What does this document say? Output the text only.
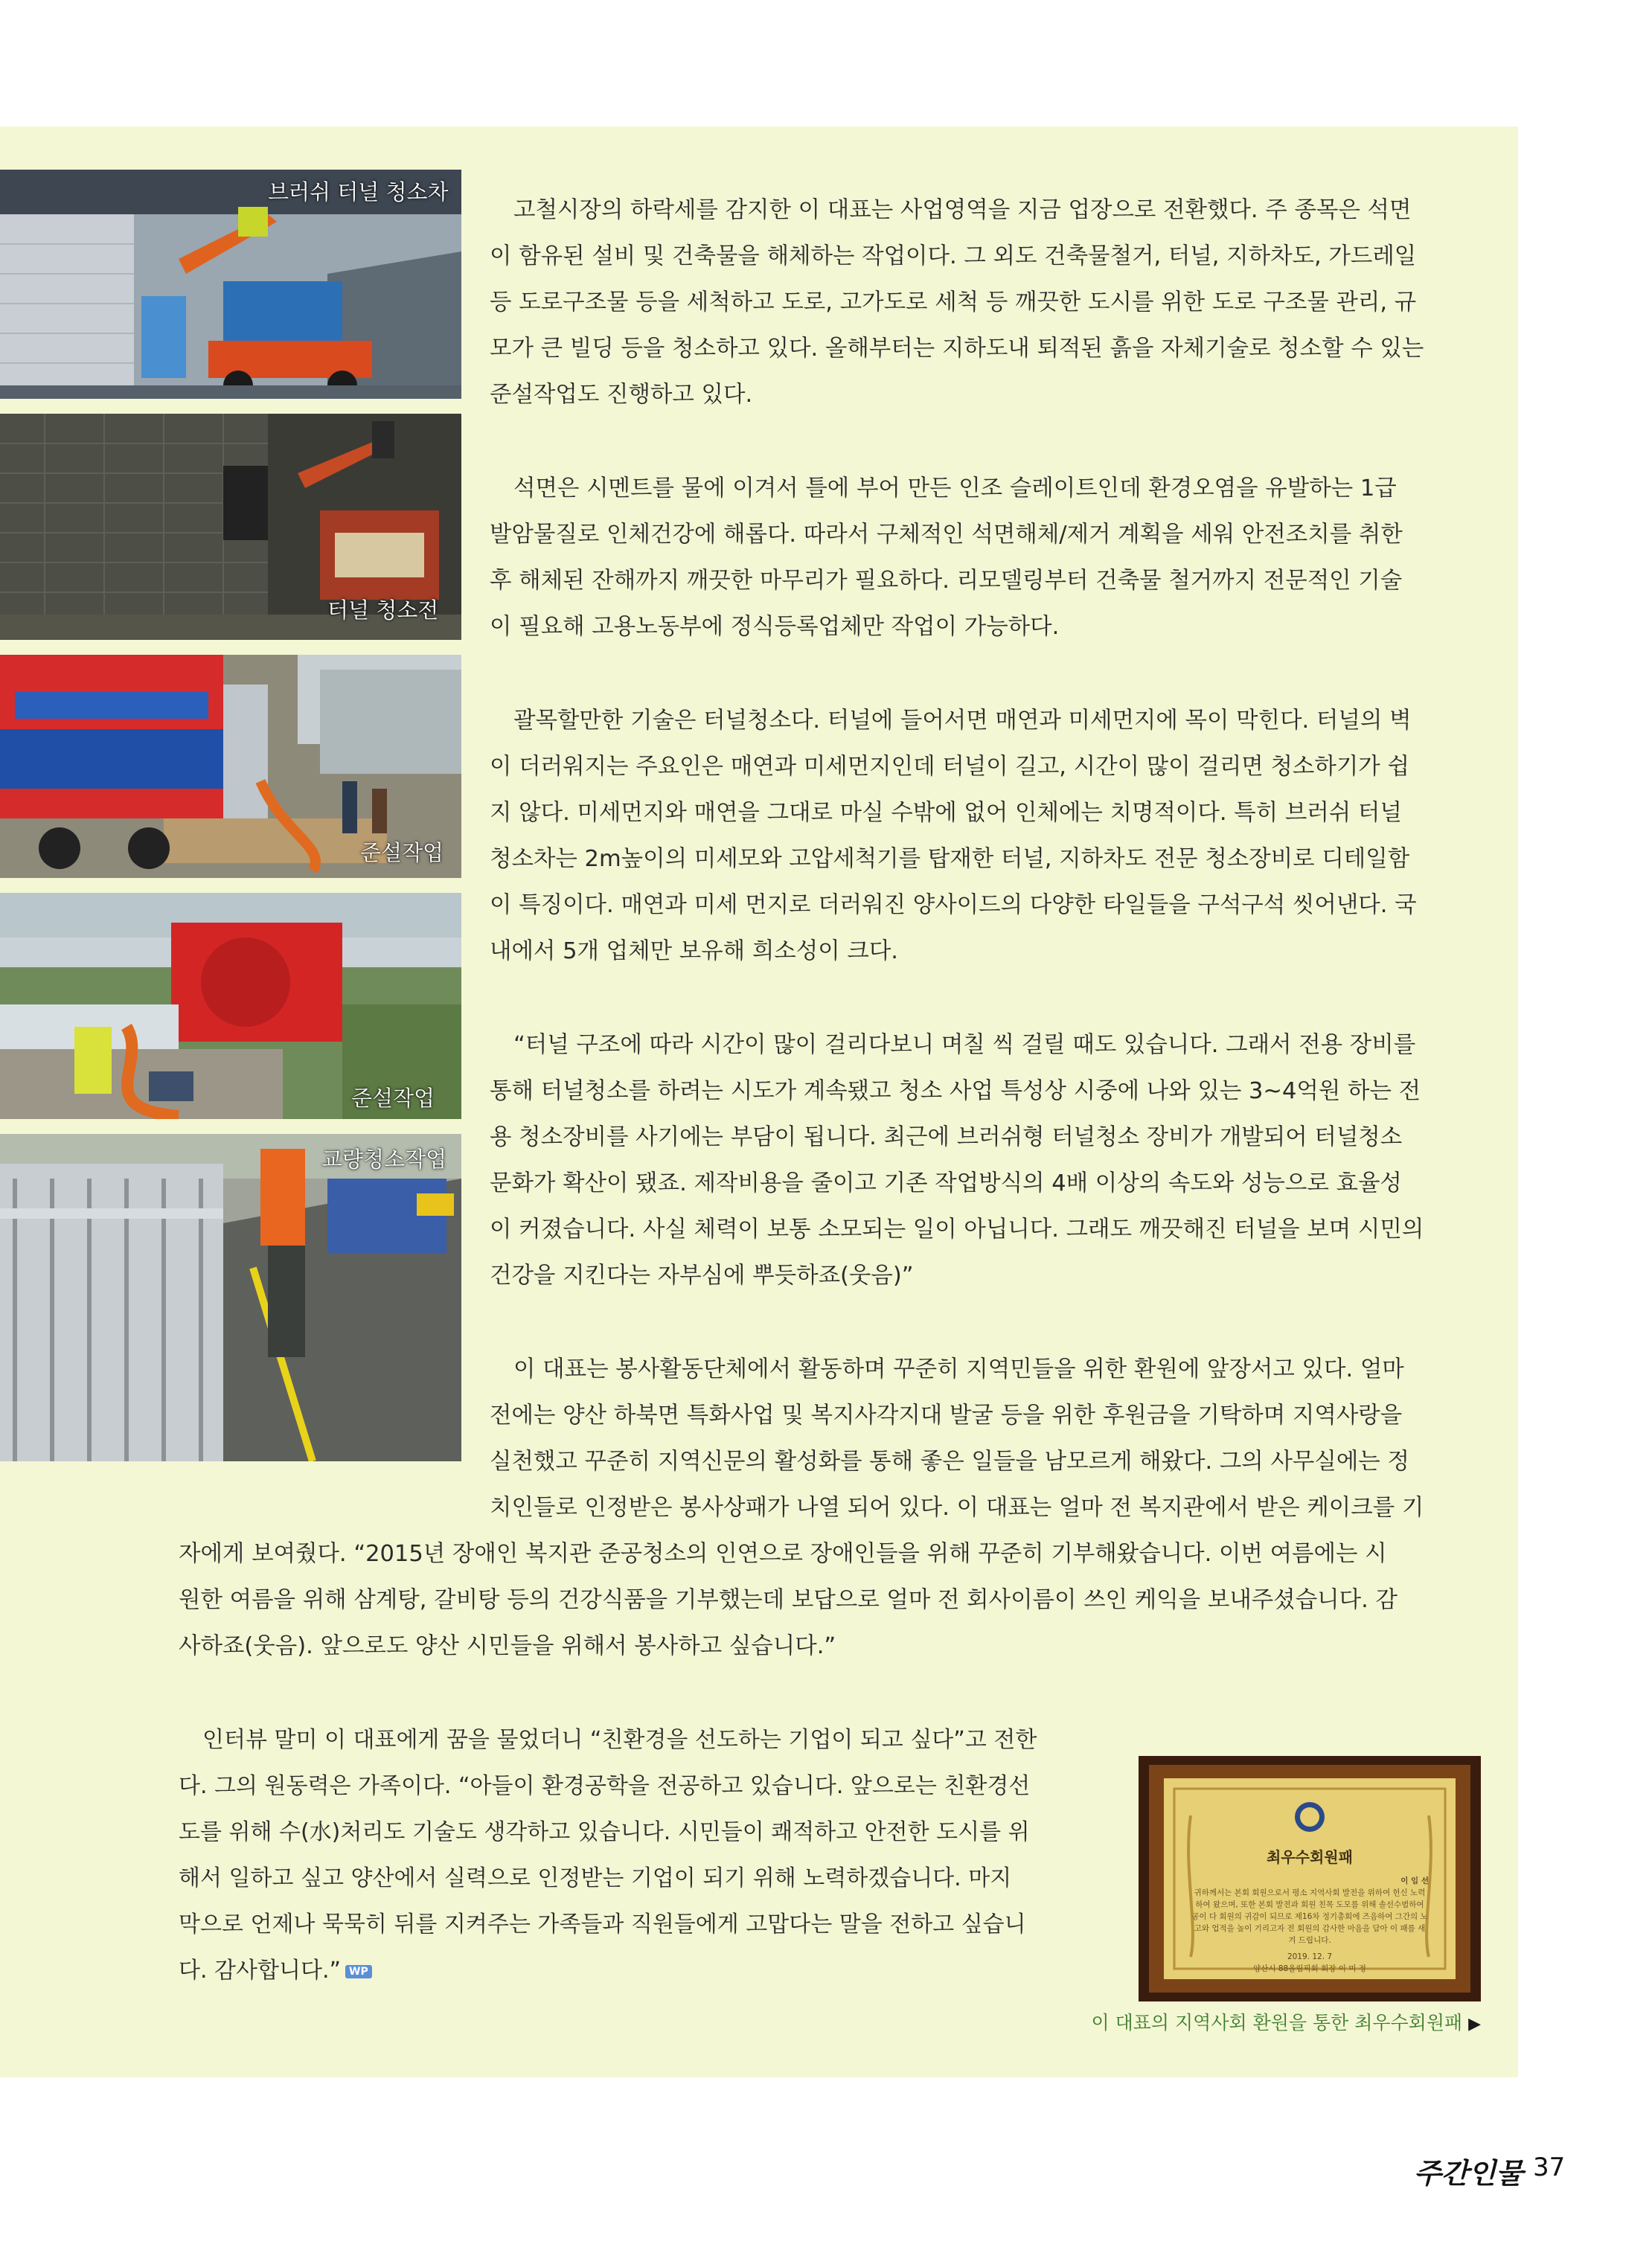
브러쉬 터널 청소차
터널 청소전
준설작업
준설작업
교량청소작업
고철시장의 하락세를 감지한 이 대표는 사업영역을 지금 업장으로 전환했다. 주 종목은 석면
이 함유된 설비 및 건축물을 해체하는 작업이다. 그 외도 건축물철거, 터널, 지하차도, 가드레일
등 도로구조물 등을 세척하고 도로, 고가도로 세척 등 깨끗한 도시를 위한 도로 구조물 관리, 규
모가 큰 빌딩 등을 청소하고 있다. 올해부터는 지하도내 퇴적된 흙을 자체기술로 청소할 수 있는
준설작업도 진행하고 있다.
석면은 시멘트를 물에 이겨서 틀에 부어 만든 인조 슬레이트인데 환경오염을 유발하는 1급
발암물질로 인체건강에 해롭다. 따라서 구체적인 석면해체/제거 계획을 세워 안전조치를 취한
후 해체된 잔해까지 깨끗한 마무리가 필요하다. 리모델링부터 건축물 철거까지 전문적인 기술
이 필요해 고용노동부에 정식등록업체만 작업이 가능하다.
괄목할만한 기술은 터널청소다. 터널에 들어서면 매연과 미세먼지에 목이 막힌다. 터널의 벽
이 더러워지는 주요인은 매연과 미세먼지인데 터널이 길고, 시간이 많이 걸리면 청소하기가 쉽
지 않다. 미세먼지와 매연을 그대로 마실 수밖에 없어 인체에는 치명적이다. 특히 브러쉬 터널
청소차는 2m높이의 미세모와 고압세척기를 탑재한 터널, 지하차도 전문 청소장비로 디테일함
이 특징이다. 매연과 미세 먼지로 더러워진 양사이드의 다양한 타일들을 구석구석 씻어낸다. 국
내에서 5개 업체만 보유해 희소성이 크다.
“터널 구조에 따라 시간이 많이 걸리다보니 며칠 씩 걸릴 때도 있습니다. 그래서 전용 장비를
통해 터널청소를 하려는 시도가 계속됐고 청소 사업 특성상 시중에 나와 있는 3~4억원 하는 전
용 청소장비를 사기에는 부담이 됩니다. 최근에 브러쉬형 터널청소 장비가 개발되어 터널청소
문화가 확산이 됐죠. 제작비용을 줄이고 기존 작업방식의 4배 이상의 속도와 성능으로 효율성
이 커졌습니다. 사실 체력이 보통 소모되는 일이 아닙니다. 그래도 깨끗해진 터널을 보며 시민의
건강을 지킨다는 자부심에 뿌듯하죠(웃음)”
이 대표는 봉사활동단체에서 활동하며 꾸준히 지역민들을 위한 환원에 앞장서고 있다. 얼마
전에는 양산 하북면 특화사업 및 복지사각지대 발굴 등을 위한 후원금을 기탁하며 지역사랑을
실천했고 꾸준히 지역신문의 활성화를 통해 좋은 일들을 남모르게 해왔다. 그의 사무실에는 정
치인들로 인정받은 봉사상패가 나열 되어 있다. 이 대표는 얼마 전 복지관에서 받은 케이크를 기
자에게 보여줬다. “2015년 장애인 복지관 준공청소의 인연으로 장애인들을 위해 꾸준히 기부해왔습니다. 이번 여름에는 시
원한 여름을 위해 삼계탕, 갈비탕 등의 건강식품을 기부했는데 보답으로 얼마 전 회사이름이 쓰인 케익을 보내주셨습니다. 감
사하죠(웃음). 앞으로도 양산 시민들을 위해서 봉사하고 싶습니다.”
인터뷰 말미 이 대표에게 꿈을 물었더니 “친환경을 선도하는 기업이 되고 싶다”고 전한
다. 그의 원동력은 가족이다. “아들이 환경공학을 전공하고 있습니다. 앞으로는 친환경선
도를 위해 수(水)처리도 기술도 생각하고 있습니다. 시민들이 쾌적하고 안전한 도시를 위
해서 일하고 싶고 양산에서 실력으로 인정받는 기업이 되기 위해 노력하겠습니다. 마지
막으로 언제나 묵묵히 뒤를 지켜주는 가족들과 직원들에게 고맙다는 말을 전하고 싶습니
다. 감사합니다.” WP
최우수회원패
이 임 선
귀하께서는 본회 회원으로서 평소 지역사회 발전을 위하여 헌신 노력하여 왔으며, 또한 본회 발전과 회원 친목 도모를 위해 솔선수범하여 공이 다 회원의 귀감이 되므로 제16차 정기총회에 즈음하여 그간의 노고와 업적을 높이 기리고자 전 회원의 감사한 마음을 담아 이 패를 새겨 드립니다.
2019. 12. 7
양산시 88올림픽회 회장 이 미 정
이 대표의 지역사회 환원을 통한 최우수회원패 ▶
주간인물 37
